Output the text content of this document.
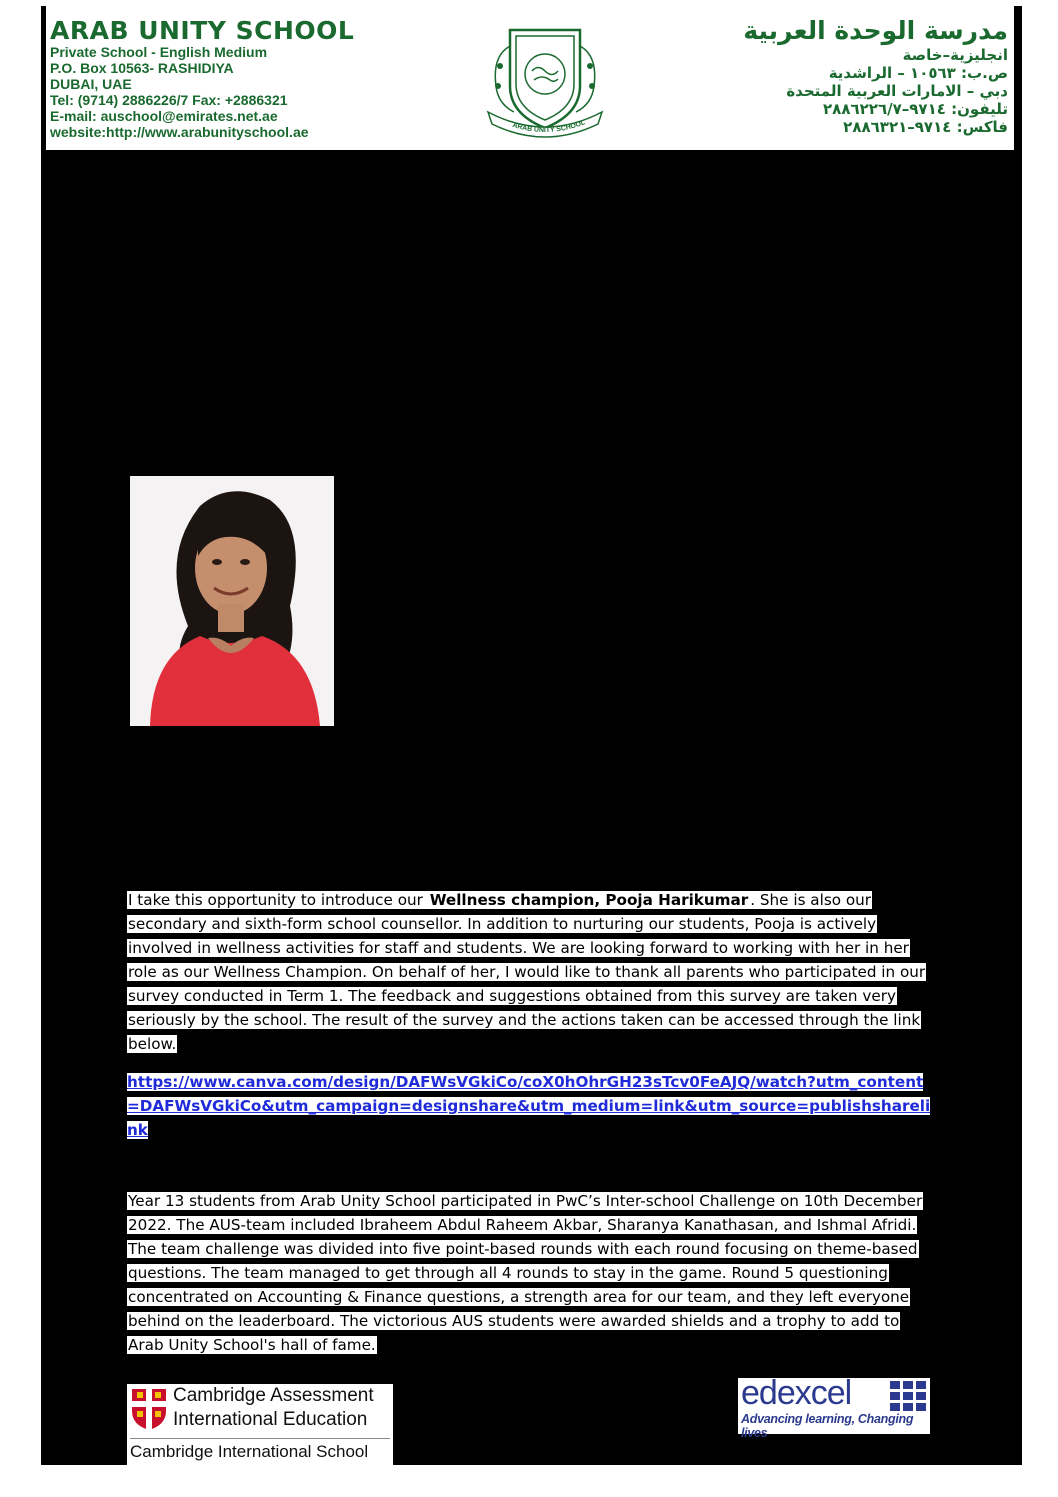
ARAB UNITY SCHOOL
Private School - English Medium
P.O. Box 10563- RASHIDIYA
DUBAI, UAE
Tel: (9714) 2886226/7 Fax: +2886321
E-mail: auschool@emirates.net.ae
website:http://www.arabunityschool.ae	ARAB UNITY SCHOOL
مدرسة الوحدة العربية
انجليزية–خاصة
ص.ب: ١٠٥٦٣ – الراشدية
دبي – الامارات العربية المتحدة
تليفون: ٩٧١٤–٢٨٨٦٢٢٦/٧
فاكس: ٩٧١٤–٢٨٨٦٣٢١
I take this opportunity to introduce our Wellness champion, Pooja Harikumar . She is also our secondary and sixth-form school counsellor. In addition to nurturing our students, Pooja is actively involved in wellness activities for staff and students. We are looking forward to working with her in her role as our Wellness Champion. On behalf of her, I would like to thank all parents who participated in our survey conducted in Term 1. The feedback and suggestions obtained from this survey are taken very seriously by the school. The result of the survey and the actions taken can be accessed through the link below.
https://www.canva.com/design/DAFWsVGkiCo/coX0hOhrGH23sTcv0FeAJQ/watch?utm_content=DAFWsVGkiCo&utm_campaign=designshare&utm_medium=link&utm_source=publishsharelink
Year 13 students from Arab Unity School participated in PwC’s Inter-school Challenge on 10th December 2022. The AUS-team included Ibraheem Abdul Raheem Akbar, Sharanya Kanathasan, and Ishmal Afridi. The team challenge was divided into five point-based rounds with each round focusing on theme-based questions. The team managed to get through all 4 rounds to stay in the game. Round 5 questioning concentrated on Accounting & Finance questions, a strength area for our team, and they left everyone behind on the leaderboard. The victorious AUS students were awarded shields and a trophy to add to Arab Unity School's hall of fame.
Cambridge Assessment
International Education
Cambridge International School
edexcel
Advancing learning, Changing lives
